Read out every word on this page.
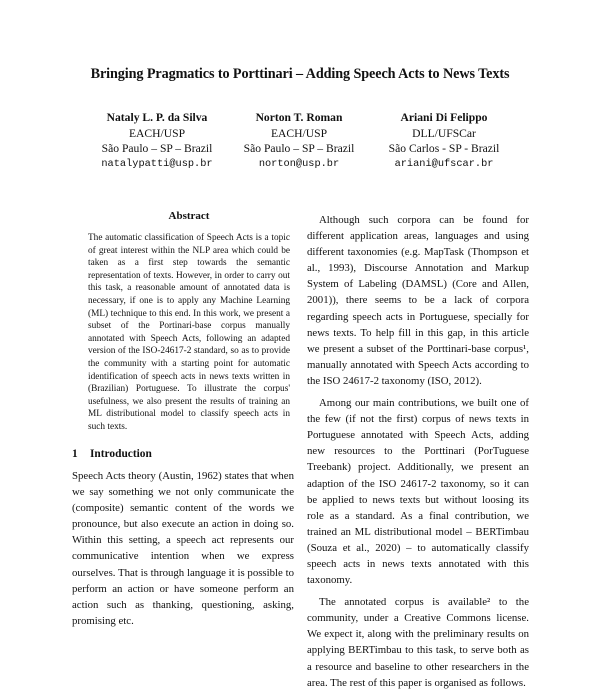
Bringing Pragmatics to Porttinari – Adding Speech Acts to News Texts
Nataly L. P. da Silva
EACH/USP
São Paulo – SP – Brazil
natalypatti@usp.br
Norton T. Roman
EACH/USP
São Paulo – SP – Brazil
norton@usp.br
Ariani Di Felippo
DLL/UFSCar
São Carlos - SP - Brazil
ariani@ufscar.br
Abstract

The automatic classification of Speech Acts is a topic of great interest within the NLP area which could be taken as a first step towards the semantic representation of texts. However, in order to carry out this task, a reasonable amount of annotated data is necessary, if one is to apply any Machine Learning (ML) technique to this end. In this work, we present a subset of the Portinari-base corpus manually annotated with Speech Acts, following an adapted version of the ISO-24617-2 standard, so as to provide the community with a starting point for automatic identification of speech acts in news texts written in (Brazilian) Portuguese. To illustrate the corpus' usefulness, we also present the results of training an ML distributional model to classify speech acts in such texts.

1 Introduction

Speech Acts theory (Austin, 1962) states that when we say something we not only communicate the (composite) semantic content of the words we pronounce, but also execute an action in doing so. Within this setting, a speech act represents our communicative intention when we express ourselves. That is through language it is possible to perform an action or have someone perform an action such as thanking, questioning, asking, promising etc.

Although such corpora can be found for different application areas, languages and using different taxonomies (e.g. MapTask (Thompson et al., 1993), Discourse Annotation and Markup System of Labeling (DAMSL) (Core and Allen, 2001)), there seems to be a lack of corpora regarding speech acts in Portuguese, specially for news texts. To help fill in this gap, in this article we present a subset of the Porttinari-base corpus¹, manually annotated with Speech Acts according to the ISO 24617-2 taxonomy (ISO, 2012).

Among our main contributions, we built one of the few (if not the first) corpus of news texts in Portuguese annotated with Speech Acts, adding new resources to the Porttinari (PorTuguese Treebank) project. Additionally, we present an adaption of the ISO 24617-2 taxonomy, so it can be applied to news texts but without loosing its role as a standard. As a final contribution, we trained an ML distributional model – BERTimbau (Souza et al., 2020) – to automatically classify speech acts in news texts annotated with this taxonomy.

The annotated corpus is available² to the community, under a Creative Commons license. We expect it, along with the preliminary results on applying BERTimbau to this task, to serve both as a resource and baseline to other researchers in the area. The rest of this paper is organised as follows.
